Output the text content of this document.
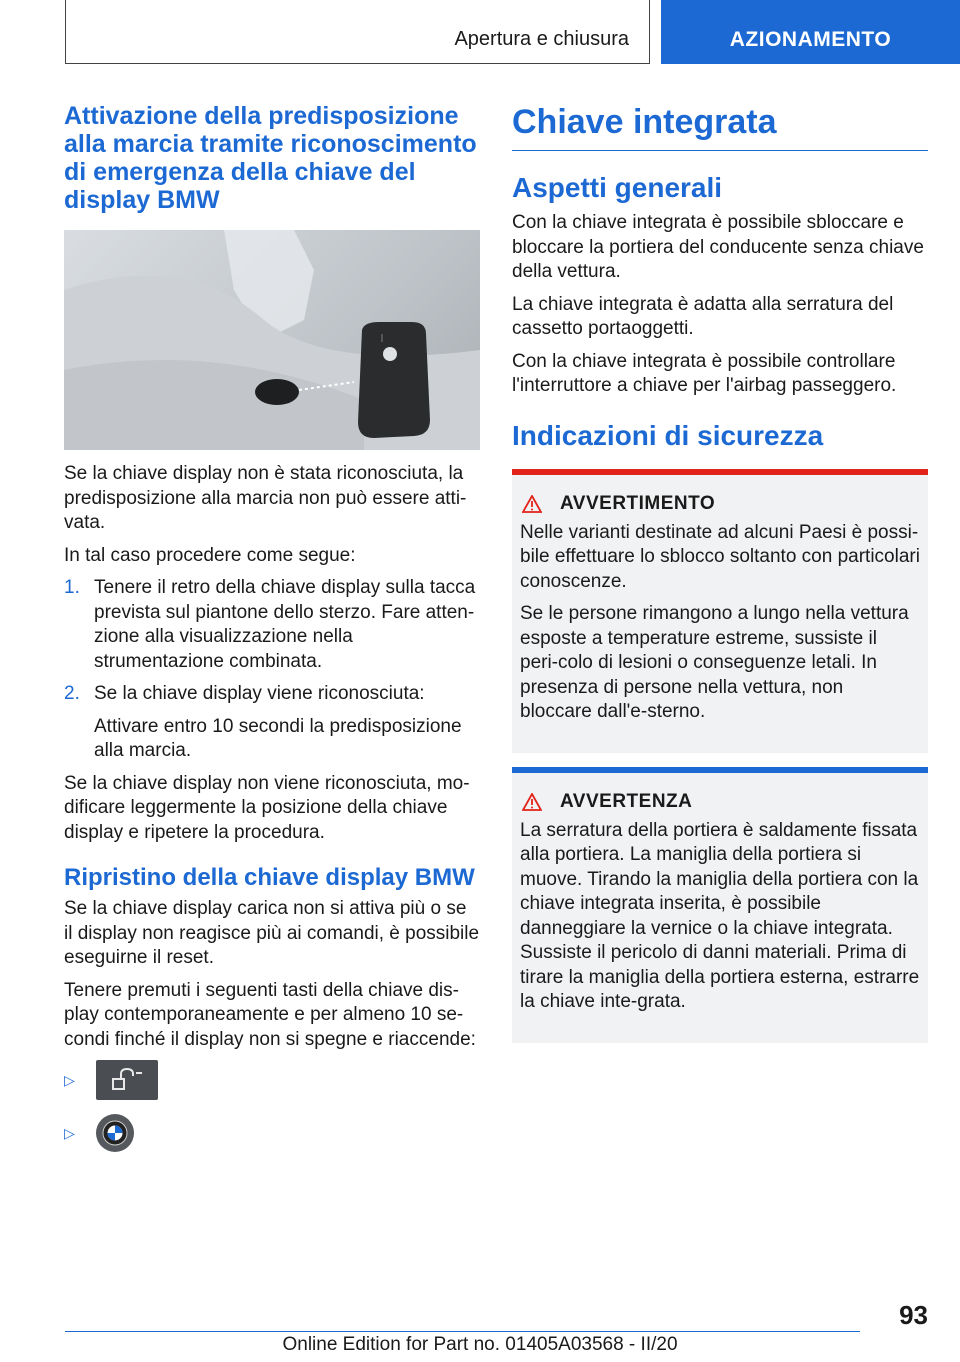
Apertura e chiusura	AZIONAMENTO
Attivazione della predisposizione alla marcia tramite riconoscimento di emergenza della chiave del display BMW

Se la chiave display non è stata riconosciuta, la predisposizione alla marcia non può essere atti-vata.

In tal caso procedere come segue:

1. Tenere il retro della chiave display sulla tacca prevista sul piantone dello sterzo. Fare atten-zione alla visualizzazione nella strumentazione combinata.
2. Se la chiave display viene riconosciuta:
Attivare entro 10 secondi la predisposizione alla marcia.

Se la chiave display non viene riconosciuta, mo-dificare leggermente la posizione della chiave display e ripetere la procedura.

Ripristino della chiave display BMW

Se la chiave display carica non si attiva più o se il display non reagisce più ai comandi, è possibile eseguirne il reset.

Tenere premuti i seguenti tasti della chiave dis-play contemporaneamente e per almeno 10 se-condi finché il display non si spegne e riaccende:

▷
▷
Chiave integrata
Aspetti generali

Con la chiave integrata è possibile sbloccare e bloccare la portiera del conducente senza chiave della vettura.

La chiave integrata è adatta alla serratura del cassetto portaoggetti.

Con la chiave integrata è possibile controllare l'interruttore a chiave per l'airbag passeggero.

Indicazioni di sicurezza
AVVERTIMENTO

Nelle varianti destinate ad alcuni Paesi è possi-bile effettuare lo sblocco soltanto con particolari conoscenze.

Se le persone rimangono a lungo nella vettura esposte a temperature estreme, sussiste il peri-colo di lesioni o conseguenze letali. In presenza di persone nella vettura, non bloccare dall'e-sterno.

AVVERTENZA

La serratura della portiera è saldamente fissata alla portiera. La maniglia della portiera si muove. Tirando la maniglia della portiera con la chiave integrata inserita, è possibile danneggiare la vernice o la chiave integrata. Sussiste il pericolo di danni materiali. Prima di tirare la maniglia della portiera esterna, estrarre la chiave inte-grata.

93
Online Edition for Part no. 01405A03568 - II/20
